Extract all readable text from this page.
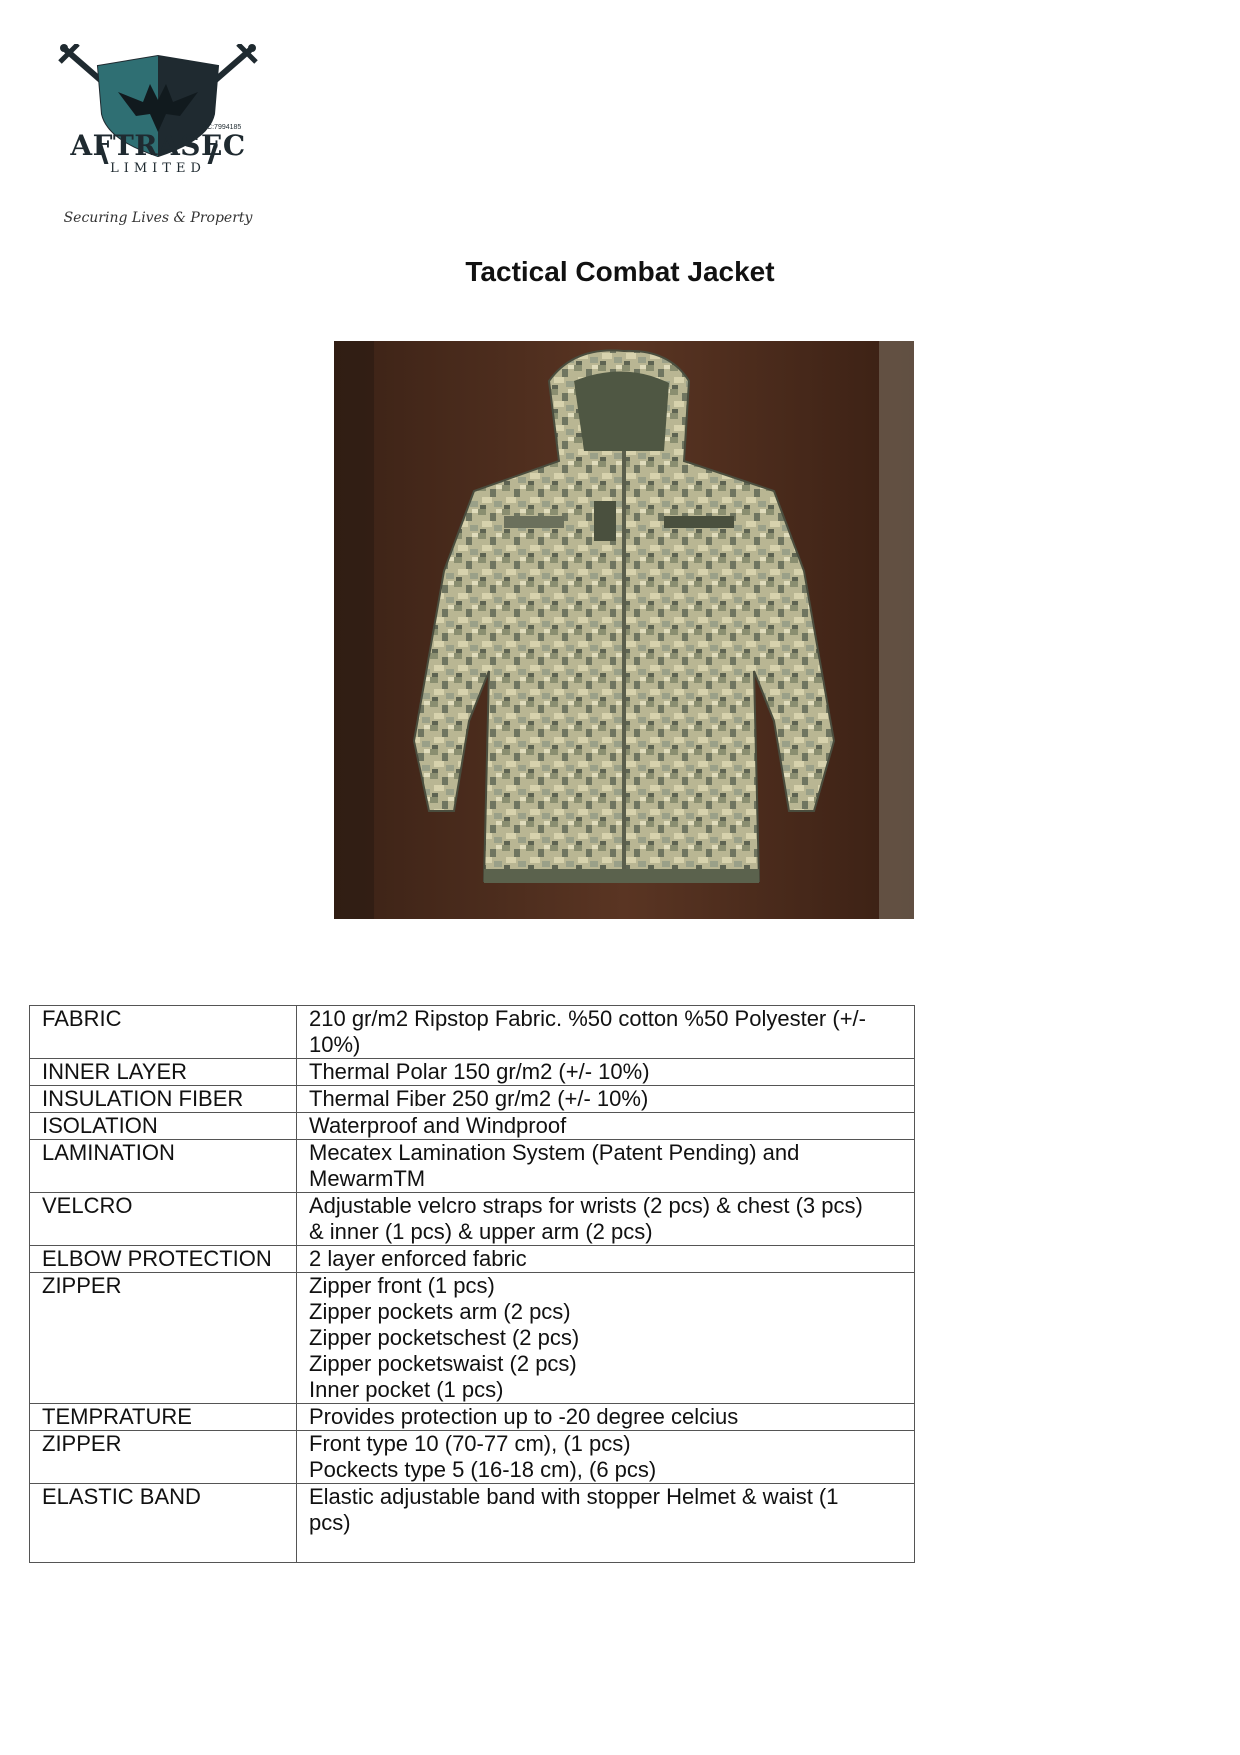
RC:7994185
AFTRASEC
LIMITED
Securing Lives & Property
Tactical Combat Jacket
FABRIC	210 gr/m2 Ripstop Fabric. %50 cotton %50 Polyester (+/-
10%)

INNER LAYER	Thermal Polar 150 gr/m2 (+/- 10%)

INSULATION FIBER	Thermal Fiber 250 gr/m2 (+/- 10%)

ISOLATION	Waterproof and Windproof

LAMINATION	Mecatex Lamination System (Patent Pending) and
MewarmTM

VELCRO	Adjustable velcro straps for wrists (2 pcs) & chest (3 pcs)
& inner (1 pcs) & upper arm (2 pcs)

ELBOW PROTECTION	2 layer enforced fabric

ZIPPER	Zipper front (1 pcs)
Zipper pockets arm (2 pcs)
Zipper pocketschest (2 pcs)
Zipper pocketswaist (2 pcs)
Inner pocket (1 pcs)

TEMPRATURE	Provides protection up to -20 degree celcius

ZIPPER	Front type 10 (70-77 cm), (1 pcs)
Pockects type 5 (16-18 cm), (6 pcs)

ELASTIC BAND	Elastic adjustable band with stopper Helmet & waist (1
pcs)
